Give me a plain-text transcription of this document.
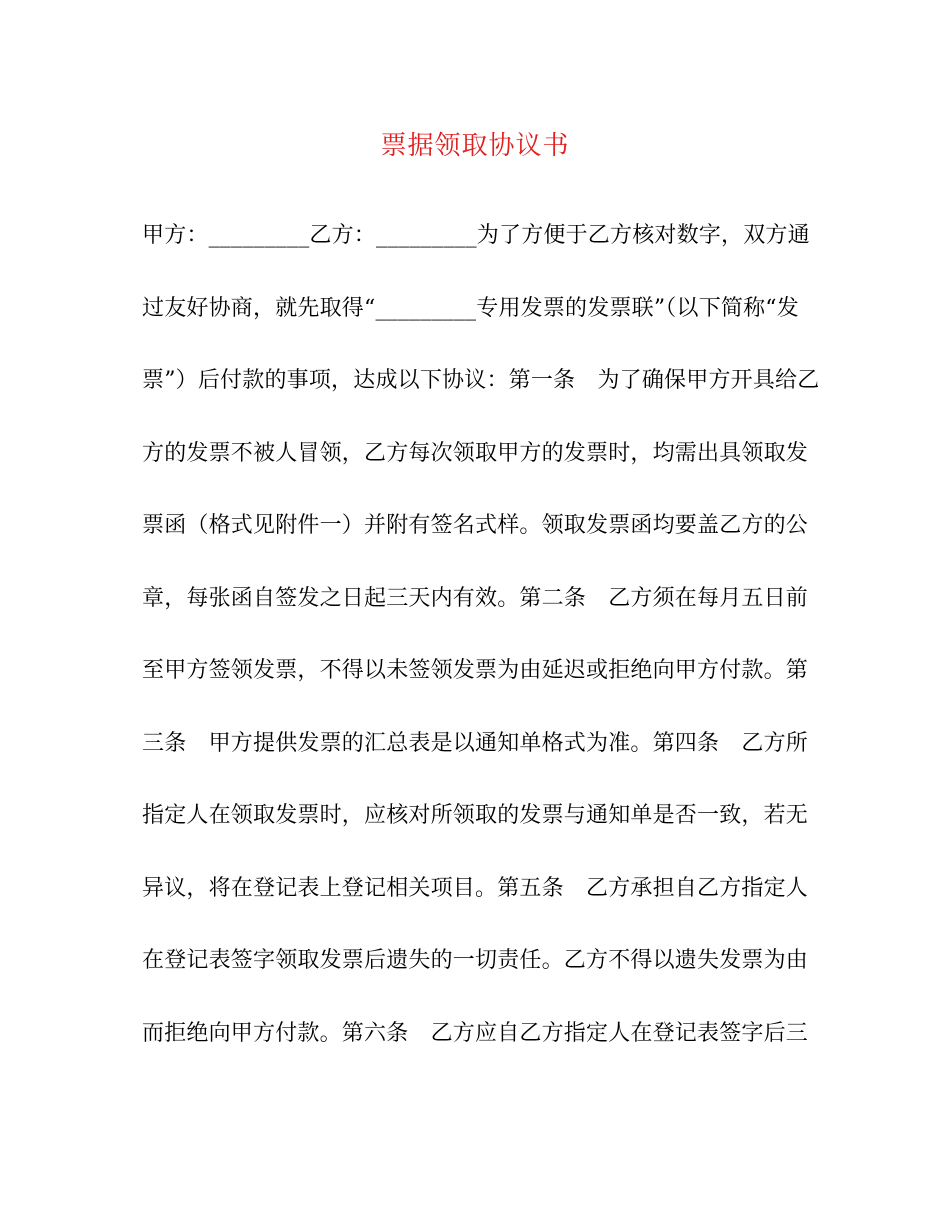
票据领取协议书
甲方：_________乙方：_________为了方便于乙方核对数字，双方通
过友好协商，就先取得“_________专用发票的发票联”（以下简称“发
票”）后付款的事项，达成以下协议：第一条　为了确保甲方开具给乙
方的发票不被人冒领，乙方每次领取甲方的发票时，均需出具领取发
票函（格式见附件一）并附有签名式样。领取发票函均要盖乙方的公
章，每张函自签发之日起三天内有效。第二条　乙方须在每月五日前
至甲方签领发票，不得以未签领发票为由延迟或拒绝向甲方付款。第
三条　甲方提供发票的汇总表是以通知单格式为准。第四条　乙方所
指定人在领取发票时，应核对所领取的发票与通知单是否一致，若无
异议，将在登记表上登记相关项目。第五条　乙方承担自乙方指定人
在登记表签字领取发票后遗失的一切责任。乙方不得以遗失发票为由
而拒绝向甲方付款。第六条　乙方应自乙方指定人在登记表签字后三
